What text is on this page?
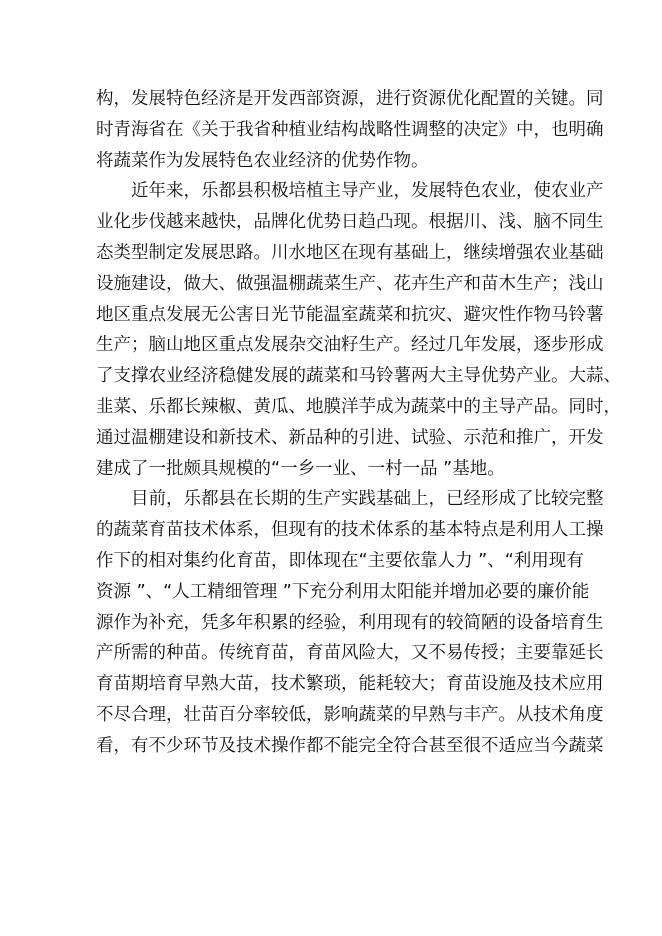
构，发展特色经济是开发西部资源，进行资源优化配置的关键。同
时青海省在《关于我省种植业结构战略性调整的决定》中，也明确
将蔬菜作为发展特色农业经济的优势作物。
近年来，乐都县积极培植主导产业，发展特色农业，使农业产
业化步伐越来越快，品牌化优势日趋凸现。根据川、浅、脑不同生
态类型制定发展思路。川水地区在现有基础上，继续增强农业基础
设施建设，做大、做强温棚蔬菜生产、花卉生产和苗木生产；浅山
地区重点发展无公害日光节能温室蔬菜和抗灾、避灾性作物马铃薯
生产；脑山地区重点发展杂交油籽生产。经过几年发展，逐步形成
了支撑农业经济稳健发展的蔬菜和马铃薯两大主导优势产业。大蒜、
韭菜、乐都长辣椒、黄瓜、地膜洋芋成为蔬菜中的主导产品。同时，
通过温棚建设和新技术、新品种的引进、试验、示范和推广，开发
建成了一批颇具规模的“一乡一业、一村一品 ”基地。
目前，乐都县在长期的生产实践基础上，已经形成了比较完整
的蔬菜育苗技术体系，但现有的技术体系的基本特点是利用人工操
作下的相对集约化育苗，即体现在“主要依靠人力 ”、“利用现有
资源 ”、“人工精细管理 ”下充分利用太阳能并增加必要的廉价能
源作为补充，凭多年积累的经验，利用现有的较简陋的设备培育生
产所需的种苗。传统育苗，育苗风险大，又不易传授；主要靠延长
育苗期培育早熟大苗，技术繁琐，能耗较大；育苗设施及技术应用
不尽合理，壮苗百分率较低，影响蔬菜的早熟与丰产。从技术角度
看，有不少环节及技术操作都不能完全符合甚至很不适应当今蔬菜
